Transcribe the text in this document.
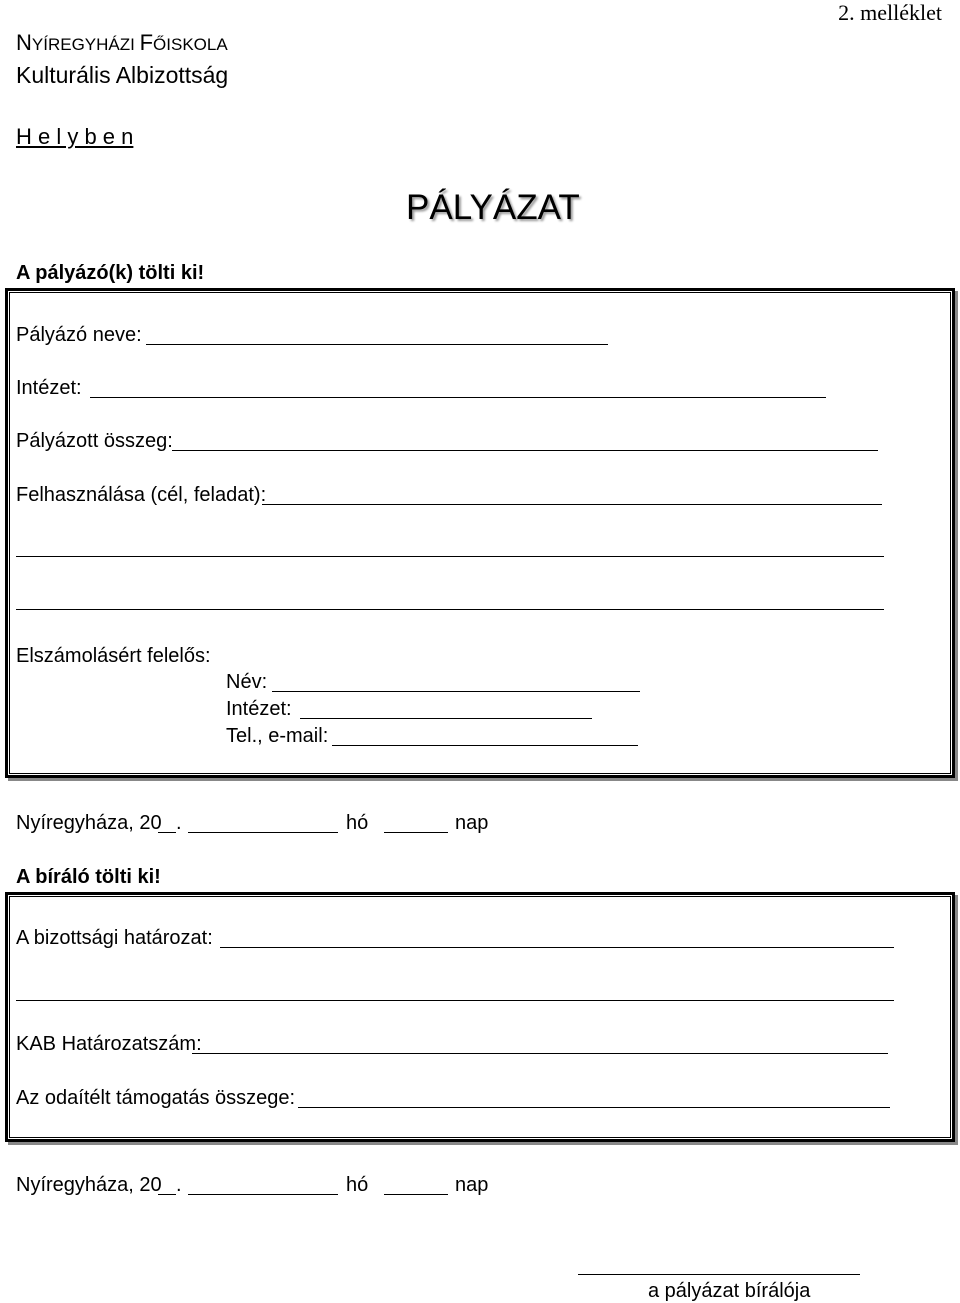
2. melléklet
NYÍREGYHÁZI FŐISKOLA
Kulturális Albizottság
H e l y b e n
PÁLYÁZAT
A pályázó(k) tölti ki!
Pályázó neve:
Intézet:
Pályázott összeg:
Felhasználása (cél, feladat):
Elszámolásért felelős:
Név:
Intézet:
Tel., e-mail:
Nyíregyháza, 20 .	hó	nap
A bíráló tölti ki!
A bizottsági határozat:
KAB Határozatszám:
Az odaítélt támogatás összege:
Nyíregyháza, 20 .	hó	nap
a pályázat bírálója
